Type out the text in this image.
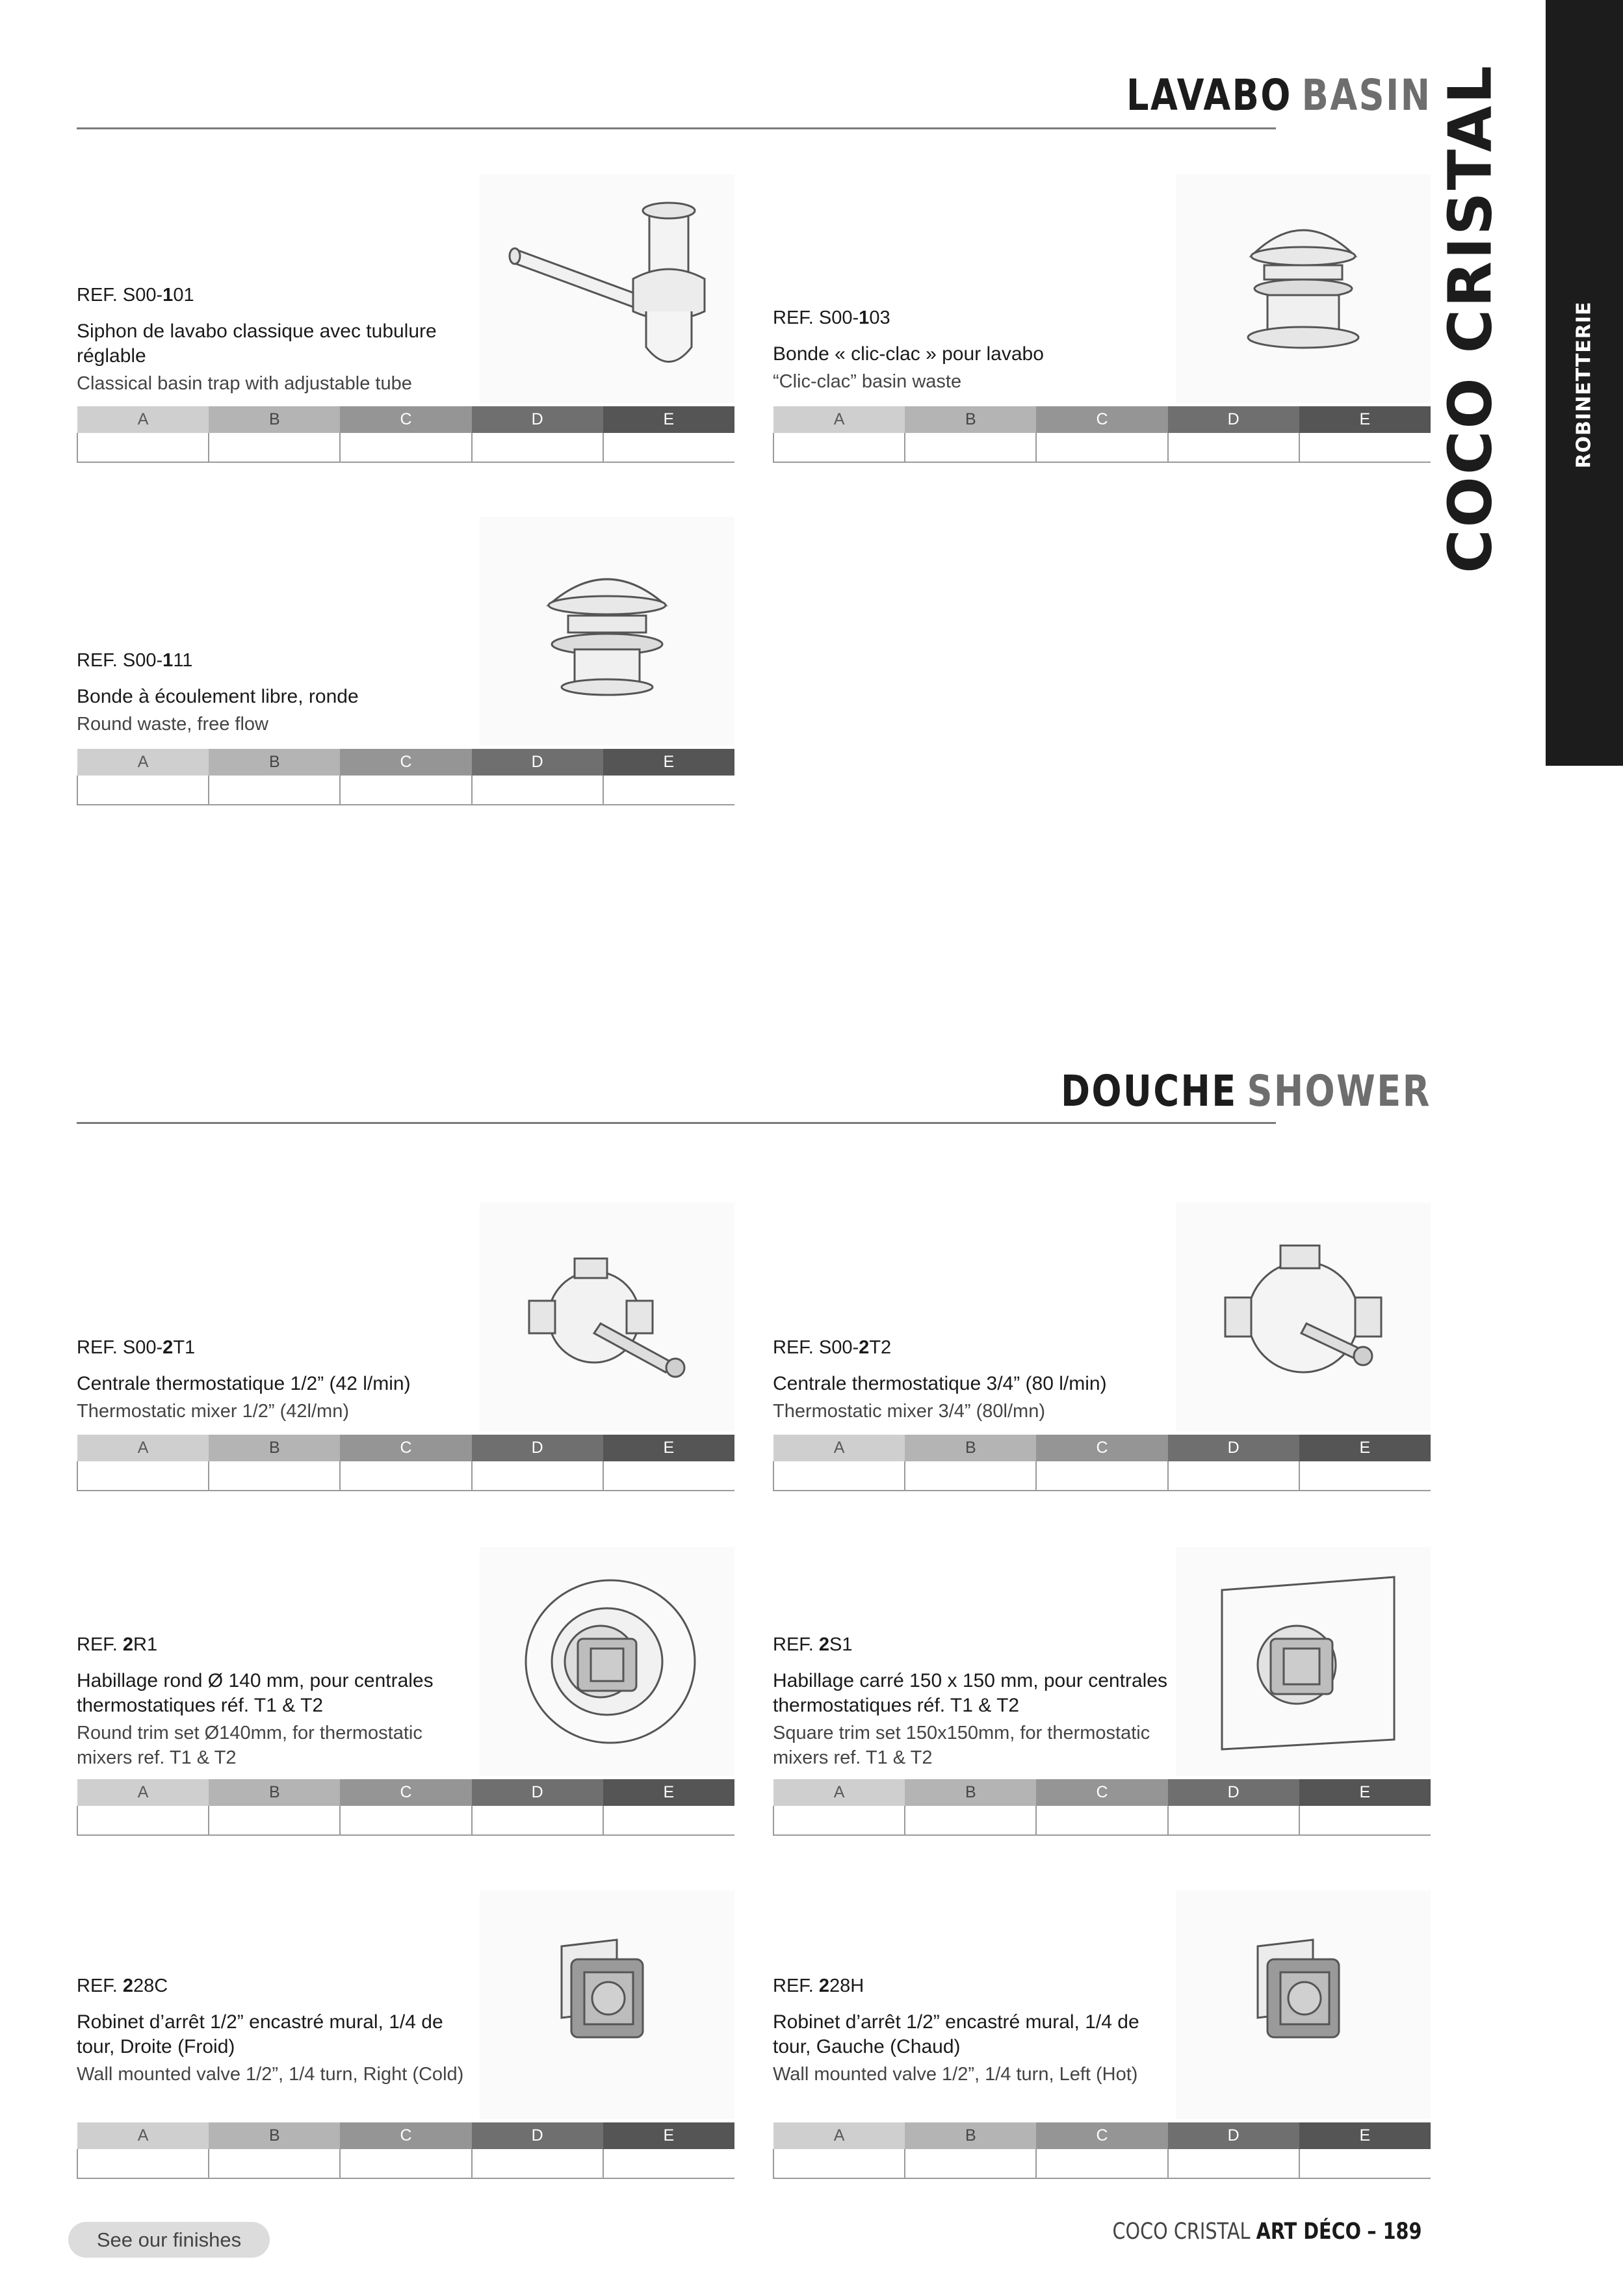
ROBINETTERIE
COCO CRISTAL
LAVABO BASIN
DOUCHE SHOWER

REF. S00-101

Siphon de lavabo classique avec tubulure réglable

Classical basin trap with adjustable tube

A	B	C	D	E

REF. S00-103

Bonde « clic-clac » pour lavabo

“Clic-clac” basin waste

A	B	C	D	E

REF. S00-111

Bonde à écoulement libre, ronde

Round waste, free flow

A	B	C	D	E

REF. S00-2T1

Centrale thermostatique 1/2” (42 l/min)

Thermostatic mixer 1/2” (42l/mn)

A	B	C	D	E

REF. S00-2T2

Centrale thermostatique 3/4” (80 l/min)

Thermostatic mixer 3/4” (80l/mn)

A	B	C	D	E

REF. 2R1

Habillage rond Ø 140 mm, pour centrales thermostatiques réf. T1 & T2

Round trim set Ø140mm, for thermostatic mixers ref. T1 & T2

A	B	C	D	E

REF. 2S1

Habillage carré 150 x 150 mm, pour centrales thermostatiques réf. T1 & T2

Square trim set 150x150mm, for thermostatic mixers ref. T1 & T2

A	B	C	D	E

REF. 228C

Robinet d’arrêt 1/2” encastré mural, 1/4 de tour, Droite (Froid)

Wall mounted valve 1/2”, 1/4 turn, Right (Cold)

A	B	C	D	E

REF. 228H

Robinet d’arrêt 1/2” encastré mural, 1/4 de tour, Gauche (Chaud)

Wall mounted valve 1/2”, 1/4 turn, Left (Hot)

A	B	C	D	E

See our finishes	COCO CRISTAL ART DÉCO – 189
